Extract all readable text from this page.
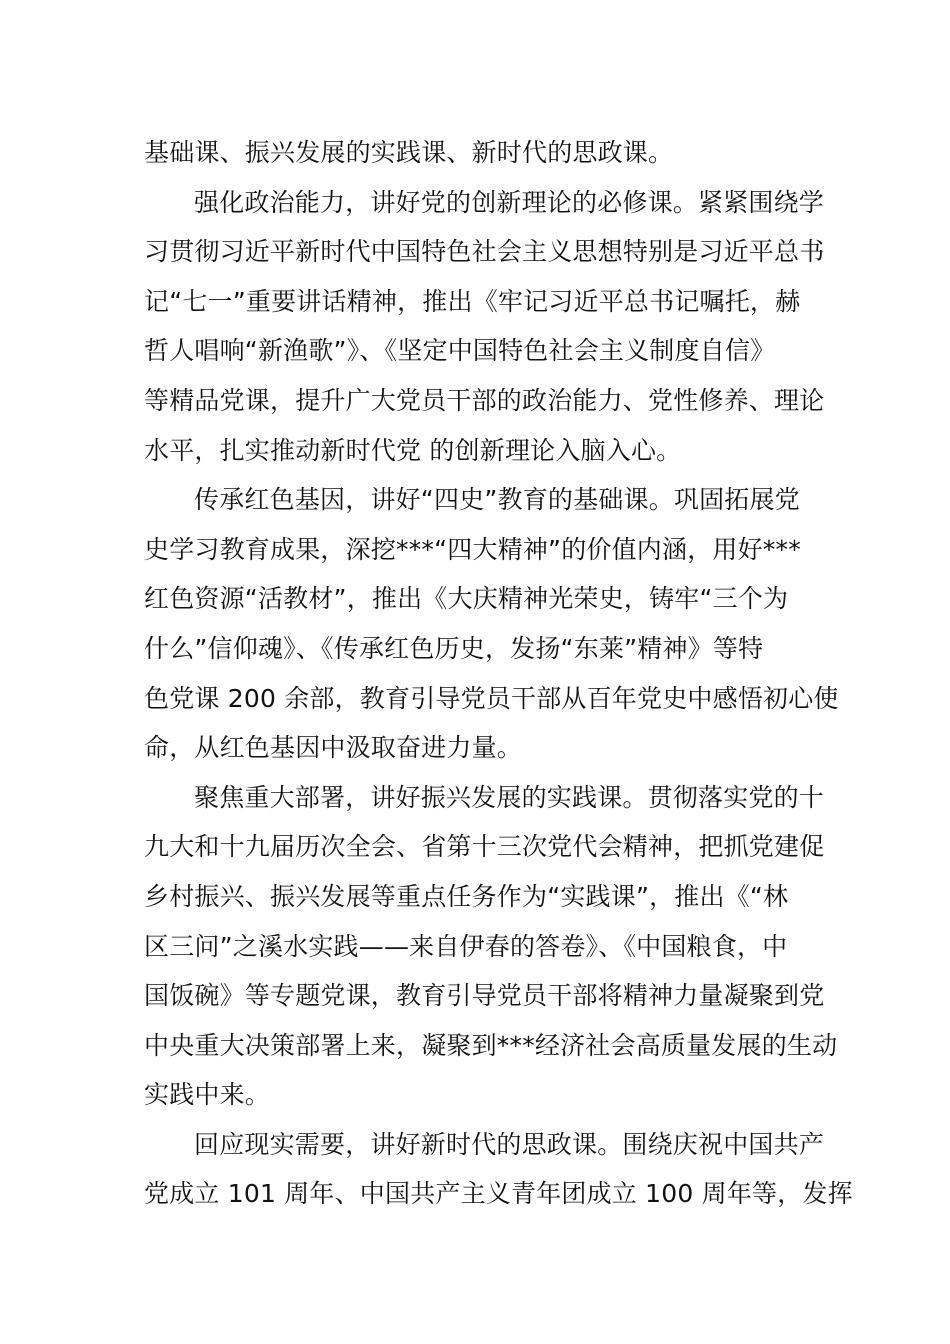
基础课、振兴发展的实践课、新时代的思政课。
强化政治能力，讲好党的创新理论的必修课。紧紧围绕学
习贯彻习近平新时代中国特色社会主义思想特别是习近平总书
记“七一”重要讲话精神，推出《牢记习近平总书记嘱托，赫
哲人唱响“新渔歌”》、《坚定中国特色社会主义制度自信》
等精品党课，提升广大党员干部的政治能力、党性修养、理论
水平，扎实推动新时代党 的创新理论入脑入心。
传承红色基因，讲好“四史”教育的基础课。巩固拓展党
史学习教育成果，深挖***“四大精神”的价值内涵，用好***
红色资源“活教材”，推出《大庆精神光荣史，铸牢“三个为
什么”信仰魂》、《传承红色历史，发扬“东莱”精神》等特
色党课 200 余部，教育引导党员干部从百年党史中感悟初心使
命，从红色基因中汲取奋进力量。
聚焦重大部署，讲好振兴发展的实践课。贯彻落实党的十
九大和十九届历次全会、省第十三次党代会精神，把抓党建促
乡村振兴、振兴发展等重点任务作为“实践课”，推出《“林
区三问”之溪水实践——来自伊春的答卷》、《中国粮食，中
国饭碗》等专题党课，教育引导党员干部将精神力量凝聚到党
中央重大决策部署上来，凝聚到***经济社会高质量发展的生动
实践中来。
回应现实需要，讲好新时代的思政课。围绕庆祝中国共产
党成立 101 周年、中国共产主义青年团成立 100 周年等，发挥
